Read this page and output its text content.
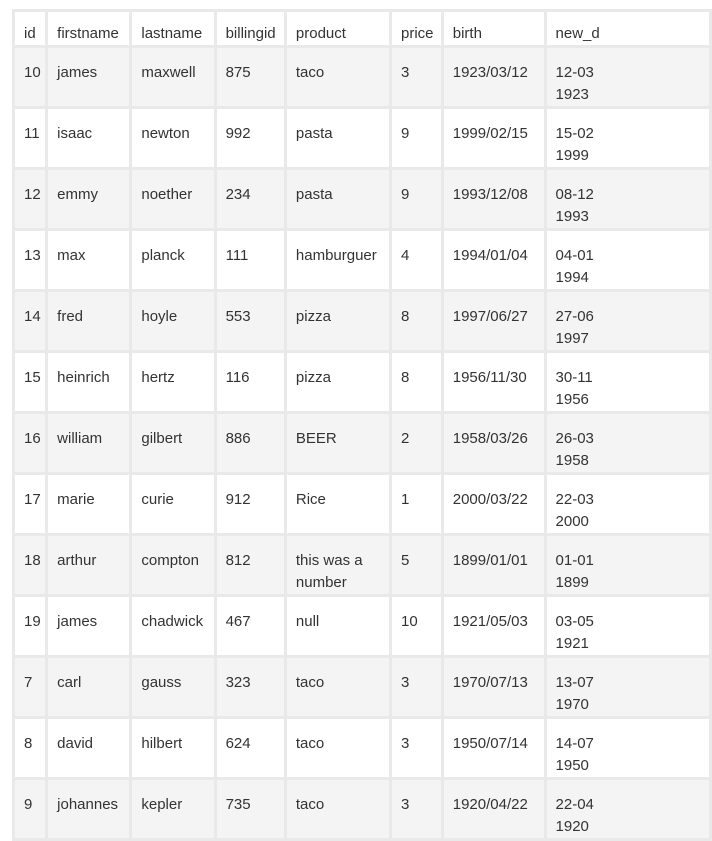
id	firstname	lastname	billingid	product	price	birth	new_d
10	james	maxwell	875	taco	3	1923/03/12	12-03
1923
11	isaac	newton	992	pasta	9	1999/02/15	15-02
1999
12	emmy	noether	234	pasta	9	1993/12/08	08-12
1993
13	max	planck	111	hamburguer	4	1994/01/04	04-01
1994
14	fred	hoyle	553	pizza	8	1997/06/27	27-06
1997
15	heinrich	hertz	116	pizza	8	1956/11/30	30-11
1956
16	william	gilbert	886	BEER	2	1958/03/26	26-03
1958
17	marie	curie	912	Rice	1	2000/03/22	22-03
2000
18	arthur	compton	812	this was a number	5	1899/01/01	01-01
1899
19	james	chadwick	467	null	10	1921/05/03	03-05
1921
7	carl	gauss	323	taco	3	1970/07/13	13-07
1970
8	david	hilbert	624	taco	3	1950/07/14	14-07
1950
9	johannes	kepler	735	taco	3	1920/04/22	22-04
1920
